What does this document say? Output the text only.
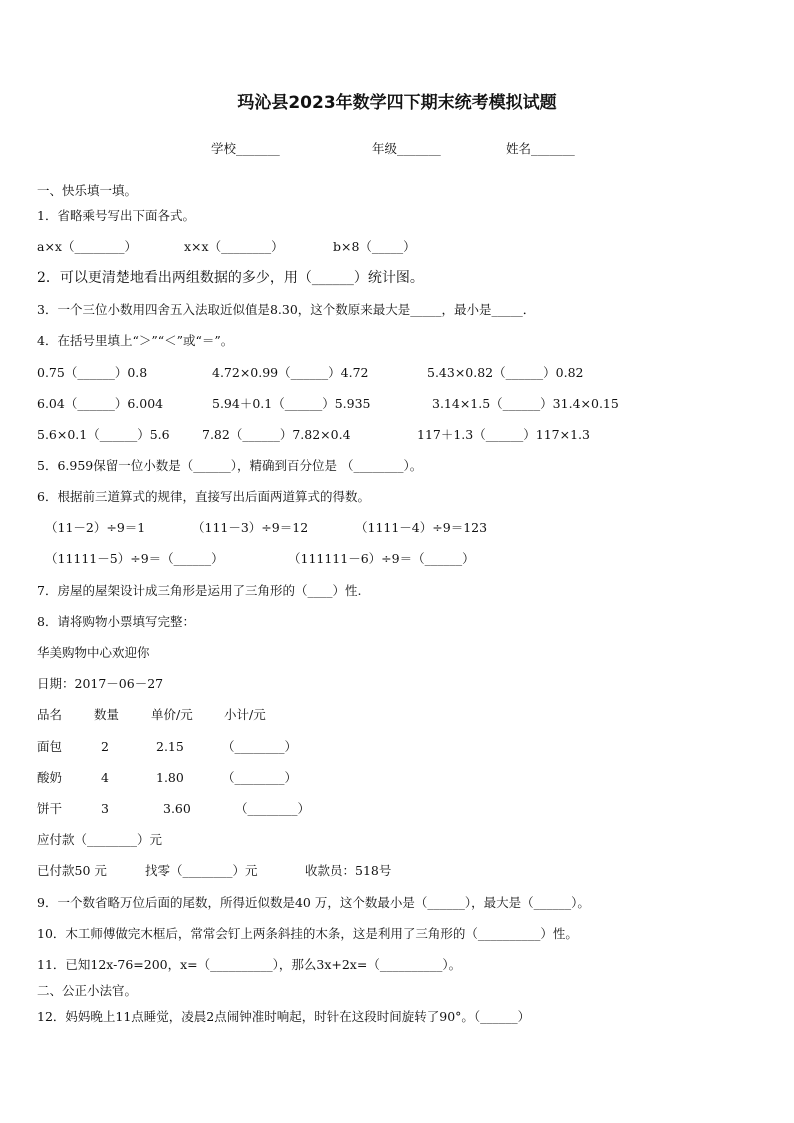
玛沁县2023年数学四下期末统考模拟试题
学校_______	年级_______	姓名_______
一、快乐填一填。
1．省略乘号写出下面各式。
a×x（________）	x×x（________）	b×8（_____）
2．可以更清楚地看出两组数据的多少，用（______）统计图。
3．一个三位小数用四舍五入法取近似值是8.30，这个数原来最大是_____，最小是_____．
4．在括号里填上“＞”“＜”或“＝”。
0.75（______）0.8	4.72×0.99（______）4.72	5.43×0.82（______）0.82
6.04（______）6.004	5.94＋0.1（______）5.935	3.14×1.5（______）31.4×0.15
5.6×0.1（______）5.6	7.82（______）7.82×0.4	117＋1.3（______）117×1.3
5．6.959保留一位小数是（______），精确到百分位是 （________）。
6．根据前三道算式的规律，直接写出后面两道算式的得数。
（11－2）÷9＝1	（111－3）÷9＝12	（1111－4）÷9＝123
（11111－5）÷9＝（______）	（111111－6）÷9＝（______）
7．房屋的屋架设计成三角形是运用了三角形的（____）性.
8．请将购物小票填写完整：
华美购物中心欢迎你
日期：2017－06－27
品名	数量	单价/元	小计/元
面包	2	2.15	（________）
酸奶	4	1.80	（________）
饼干	3	3.60	（________）
应付款（________）元
已付款50 元	找零（________）元	收款员：518号
9．一个数省略万位后面的尾数，所得近似数是40 万，这个数最小是（______），最大是（______）。
10．木工师傅做完木框后，常常会钉上两条斜挂的木条，这是利用了三角形的（__________）性。
11．已知12x-76=200，x=（__________），那么3x+2x=（__________）。
二、公正小法官。
12．妈妈晚上11点睡觉，凌晨2点闹钟准时响起，时针在这段时间旋转了90°。（______）
